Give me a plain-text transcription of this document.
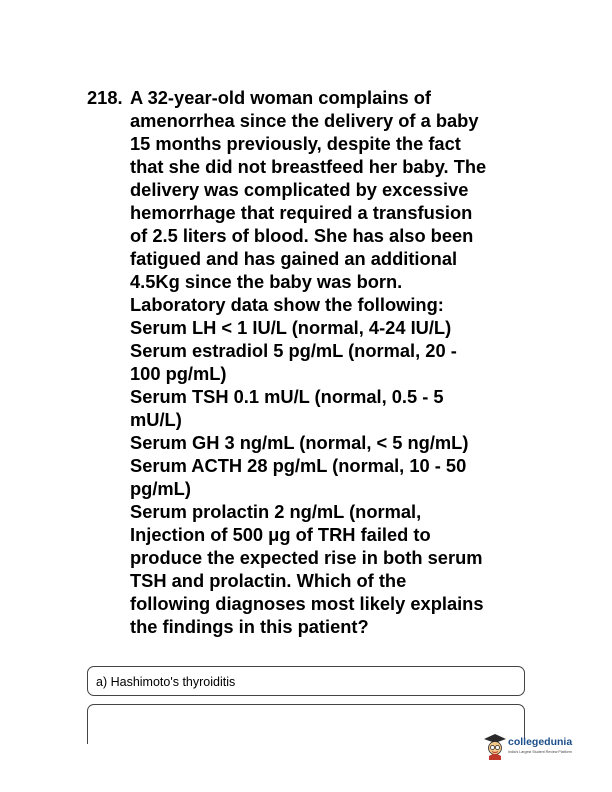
218. A 32-year-old woman complains of
amenorrhea since the delivery of a baby
15 months previously, despite the fact
that she did not breastfeed her baby. The
delivery was complicated by excessive
hemorrhage that required a transfusion
of 2.5 liters of blood. She has also been
fatigued and has gained an additional
4.5Kg since the baby was born.
Laboratory data show the following:
Serum LH < 1 IU/L (normal, 4-24 IU/L)
Serum estradiol 5 pg/mL (normal, 20 -
100 pg/mL)
Serum TSH 0.1 mU/L (normal, 0.5 - 5
mU/L)
Serum GH 3 ng/mL (normal, < 5 ng/mL)
Serum ACTH 28 pg/mL (normal, 10 - 50
pg/mL)
Serum prolactin 2 ng/mL (normal,
Injection of 500 μg of TRH failed to
produce the expected rise in both serum
TSH and prolactin. Which of the
following diagnoses most likely explains
the findings in this patient?
a) Hashimoto's thyroiditis
collegedunia
India's Largest Student Review Platform
